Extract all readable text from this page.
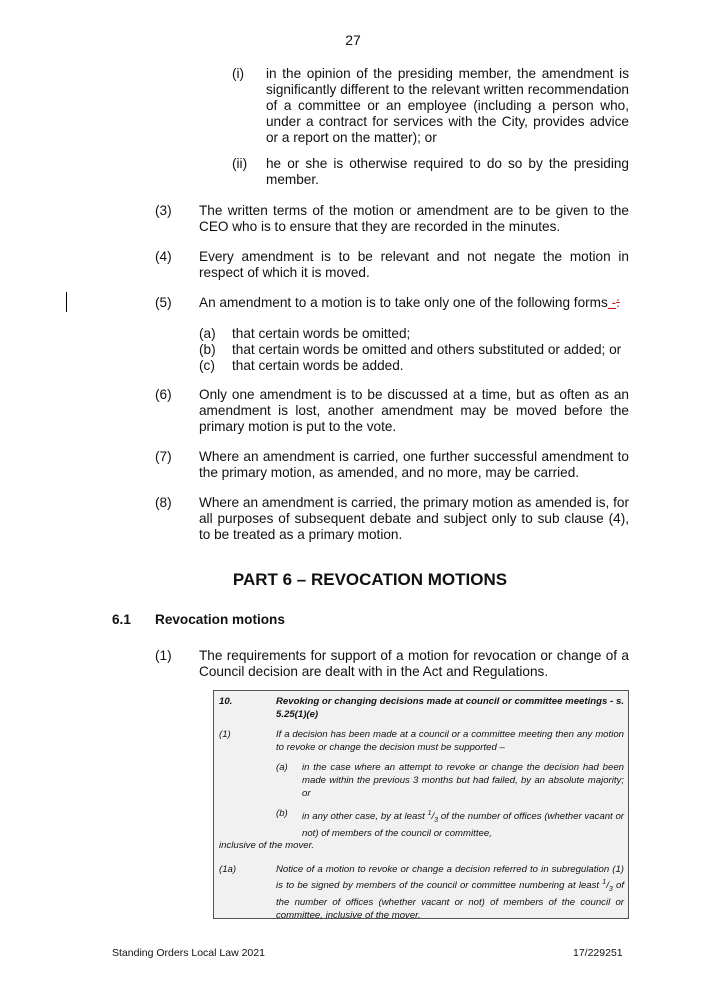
27
(i) in the opinion of the presiding member, the amendment is significantly different to the relevant written recommendation of a committee or an employee (including a person who, under a contract for services with the City, provides advice or a report on the matter); or
(ii) he or she is otherwise required to do so by the presiding member.
(3) The written terms of the motion or amendment are to be given to the CEO who is to ensure that they are recorded in the minutes.
(4) Every amendment is to be relevant and not negate the motion in respect of which it is moved.
(5) An amendment to a motion is to take only one of the following forms -:
(a) that certain words be omitted;
(b) that certain words be omitted and others substituted or added; or
(c) that certain words be added.
(6) Only one amendment is to be discussed at a time, but as often as an amendment is lost, another amendment may be moved before the primary motion is put to the vote.
(7) Where an amendment is carried, one further successful amendment to the primary motion, as amended, and no more, may be carried.
(8) Where an amendment is carried, the primary motion as amended is, for all purposes of subsequent debate and subject only to sub clause (4), to be treated as a primary motion.
PART 6 – REVOCATION MOTIONS
6.1 Revocation motions
(1) The requirements for support of a motion for revocation or change of a Council decision are dealt with in the Act and Regulations.
10.	Revoking or changing decisions made at council or committee meetings - s. 5.25(1)(e)
(1)	If a decision has been made at a council or a committee meeting then any motion to revoke or change the decision must be supported –
(a) in the case where an attempt to revoke or change the decision had been made within the previous 3 months but had failed, by an absolute majority; or
(b) in any other case, by at least $^1/_3$ of the number of offices (whether vacant or not) of members of the council or committee,
inclusive of the mover.
(1a)	Notice of a motion to revoke or change a decision referred to in subregulation (1) is to be signed by members of the council or committee numbering at least $^1/_3$ of the number of offices (whether vacant or not) of members of the council or committee, inclusive of the mover.
Standing Orders Local Law 2021	17/229251
